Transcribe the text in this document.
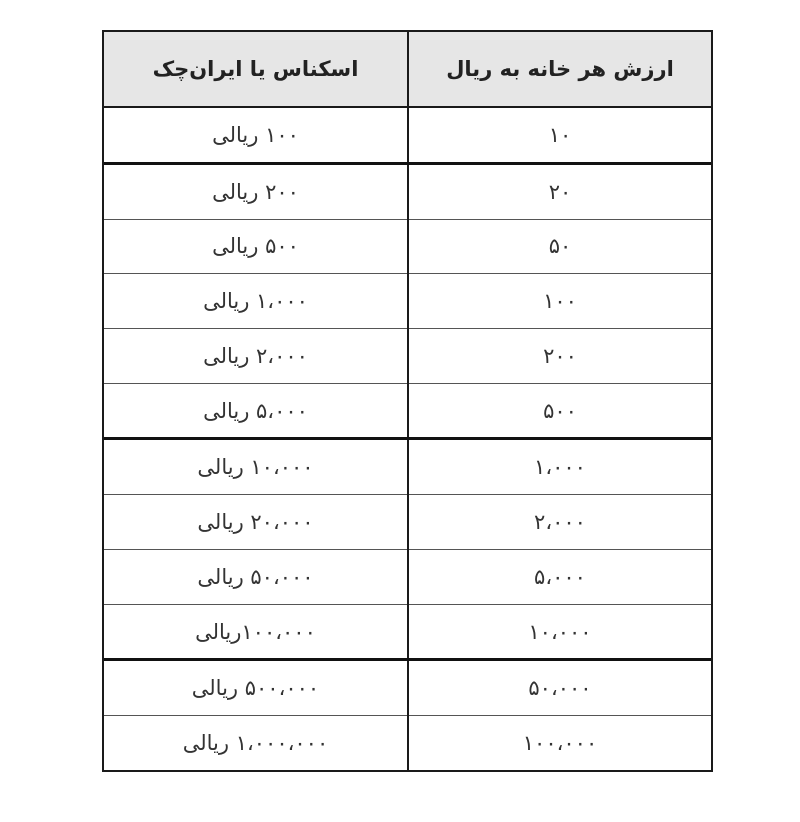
ارزش هر خانه به ریال	اسکناس یا ایران‌چک
۱۰	۱۰۰ ریالی
۲۰	۲۰۰ ریالی
۵۰	۵۰۰ ریالی
۱۰۰	۱،۰۰۰ ریالی
۲۰۰	۲،۰۰۰ ریالی
۵۰۰	۵،۰۰۰ ریالی
۱،۰۰۰	۱۰،۰۰۰ ریالی
۲،۰۰۰	۲۰،۰۰۰ ریالی
۵،۰۰۰	۵۰،۰۰۰ ریالی
۱۰،۰۰۰	۱۰۰،۰۰۰ریالی
۵۰،۰۰۰	۵۰۰،۰۰۰ ریالی
۱۰۰،۰۰۰	۱،۰۰۰،۰۰۰ ریالی
